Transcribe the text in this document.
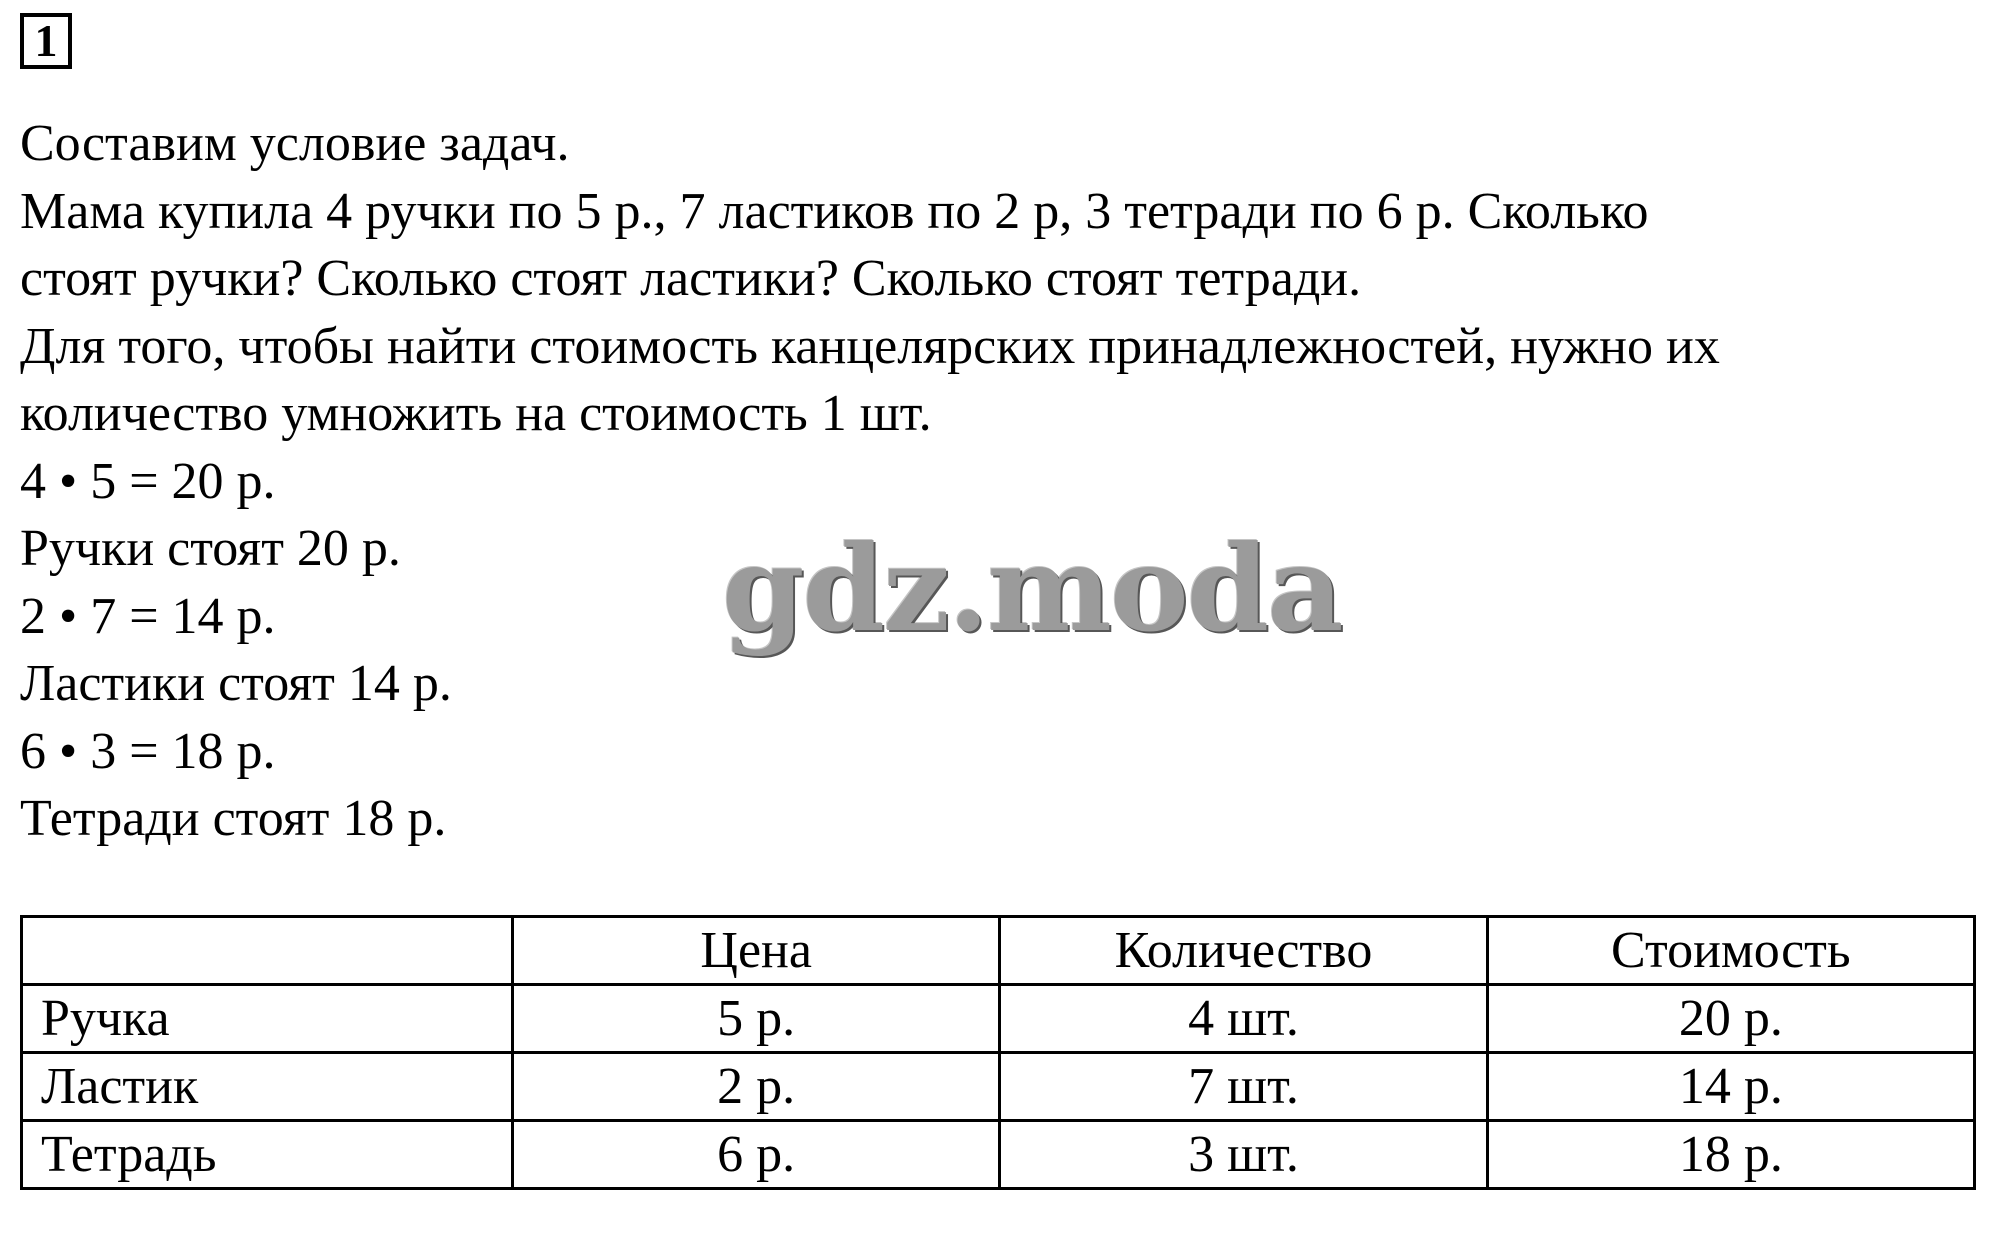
1

Составим условие задач.

Мама купила 4 ручки по 5 р., 7 ластиков по 2 р, 3 тетради по 6 р. Сколько

стоят ручки? Сколько стоят ластики? Сколько стоят тетради.

Для того, чтобы найти стоимость канцелярских принадлежностей, нужно их

количество умножить на стоимость 1 шт.

4 • 5 = 20 р.

Ручки стоят 20 р.

2 • 7 = 14 р.

Ластики стоят 14 р.

6 • 3 = 18 р.

Тетради стоят 18 р.

gdz.moda
	Цена	Количество	Стоимость
Ручка	5 р.	4 шт.	20 р.
Ластик	2 р.	7 шт.	14 р.
Тетрадь	6 р.	3 шт.	18 р.
